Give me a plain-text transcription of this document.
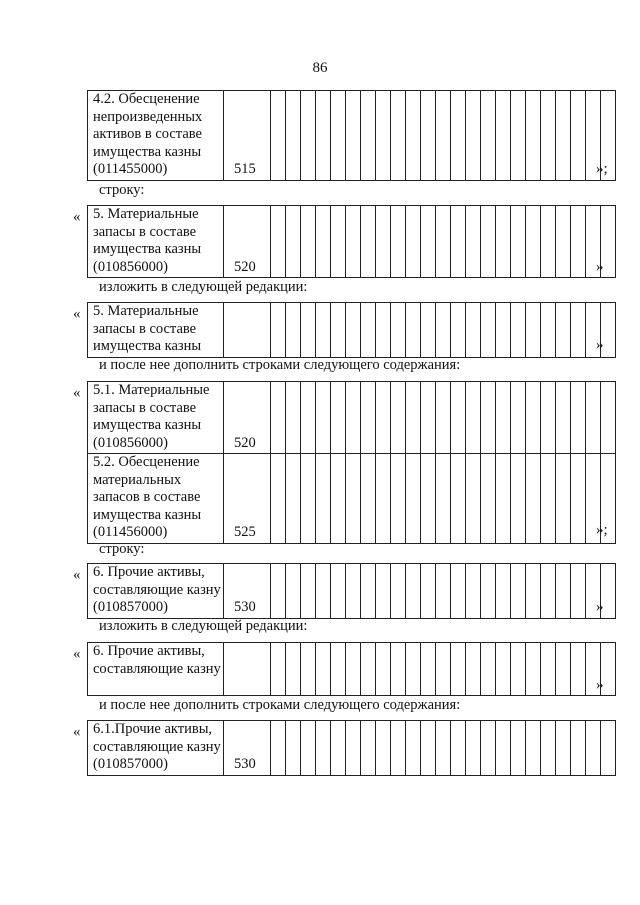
86
4.2. Обесценение непроизведенных активов в составе имущества казны (011455000)	515																								»;
строку:
5. Материальные запасы в составе имущества казны (010856000)	520																							
«
»
изложить в следующей редакции:
5. Материальные запасы в составе имущества казны																								
«
»
и после нее дополнить строками следующего содержания:
5.1. Материальные запасы в составе имущества казны (010856000)	520																							
5.2. Обесценение материальных запасов в составе имущества казны (011456000)	525																							
«
»;
строку:
6. Прочие активы, составляющие казну (010857000)	530																							
«
»
изложить в следующей редакции:
6. Прочие активы, составляющие казну																								
«
»
и после нее дополнить строками следующего содержания:
6.1.Прочие активы, составляющие казну (010857000)	530																							
«
